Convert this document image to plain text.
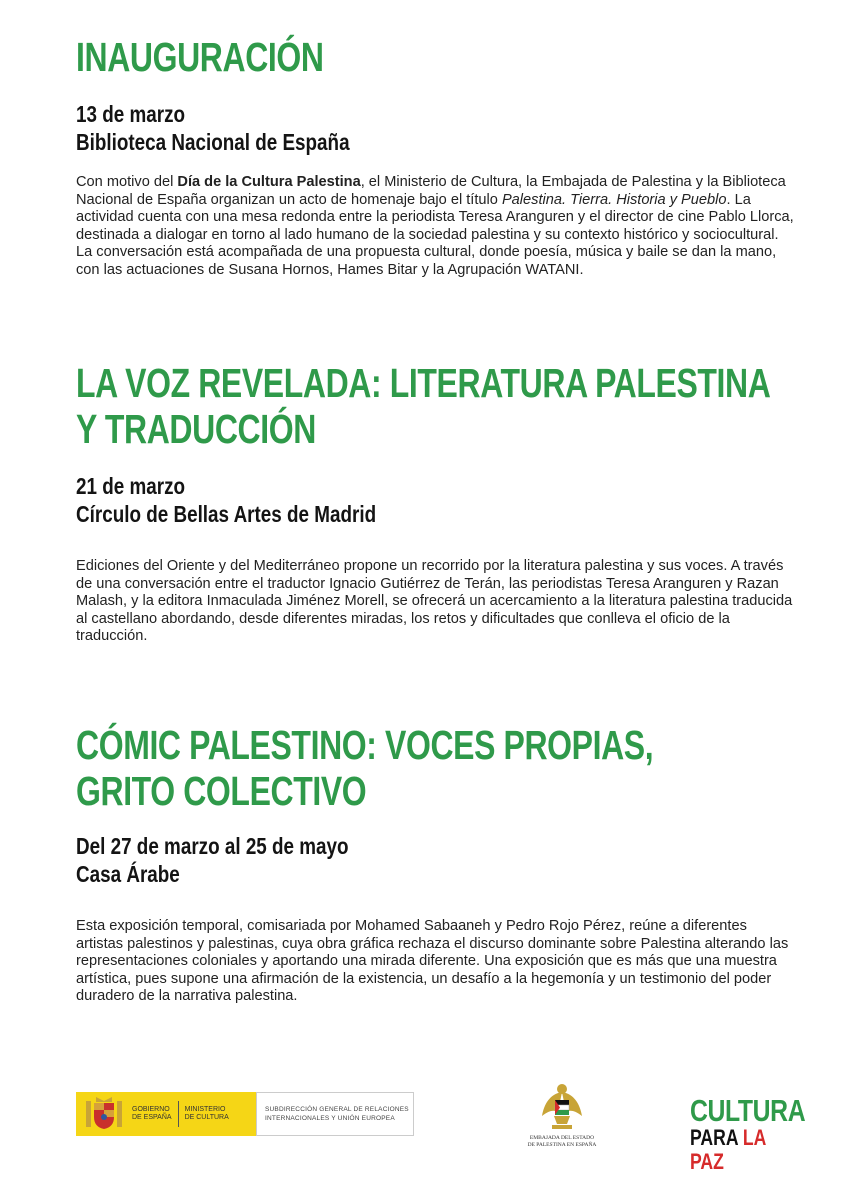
INAUGURACIÓN
13 de marzo
Biblioteca Nacional de España

Con motivo del Día de la Cultura Palestina, el Ministerio de Cultura, la Embajada de Palestina y la Biblioteca Nacional de España organizan un acto de homenaje bajo el título Palestina. Tierra. Historia y Pueblo. La actividad cuenta con una mesa redonda entre la periodista Teresa Aranguren y el director de cine Pablo Llorca, destinada a dialogar en torno al lado humano de la sociedad palestina y su contexto histórico y sociocultural. La conversación está acompañada de una propuesta cultural, donde poesía, música y baile se dan la mano, con las actuaciones de Susana Hornos, Hames Bitar y la Agrupación WATANI.

LA VOZ REVELADA: LITERATURA PALESTINA
Y TRADUCCIÓN
21 de marzo
Círculo de Bellas Artes de Madrid

Ediciones del Oriente y del Mediterráneo propone un recorrido por la literatura palestina y sus voces. A través de una conversación entre el traductor Ignacio Gutiérrez de Terán, las periodistas Teresa Aranguren y Razan Malash, y la editora Inmaculada Jiménez Morell, se ofrecerá un acercamiento a la literatura palestina traducida al castellano abordando, desde diferentes miradas, los retos y dificultades que conlleva el oficio de la traducción.

CÓMIC PALESTINO: VOCES PROPIAS,
GRITO COLECTIVO
Del 27 de marzo al 25 de mayo
Casa Árabe

Esta exposición temporal, comisariada por Mohamed Sabaaneh y Pedro Rojo Pérez, reúne a diferentes artistas palestinos y palestinas, cuya obra gráfica rechaza el discurso dominante sobre Palestina alterando las representaciones coloniales y aportando una mirada diferente. Una exposición que es más que una muestra artística, pues supone una afirmación de la existencia, un desafío a la hegemonía y un testimonio del poder duradero de la narrativa palestina.

GOBIERNO
DE ESPAÑA
MINISTERIO
DE CULTURA
SUBDIRECCIÓN GENERAL DE RELACIONES
INTERNACIONALES Y UNIÓN EUROPEA
EMBAJADA DEL ESTADO
DE PALESTINA EN ESPAÑA
CULTURA
PARA LA PAZ
